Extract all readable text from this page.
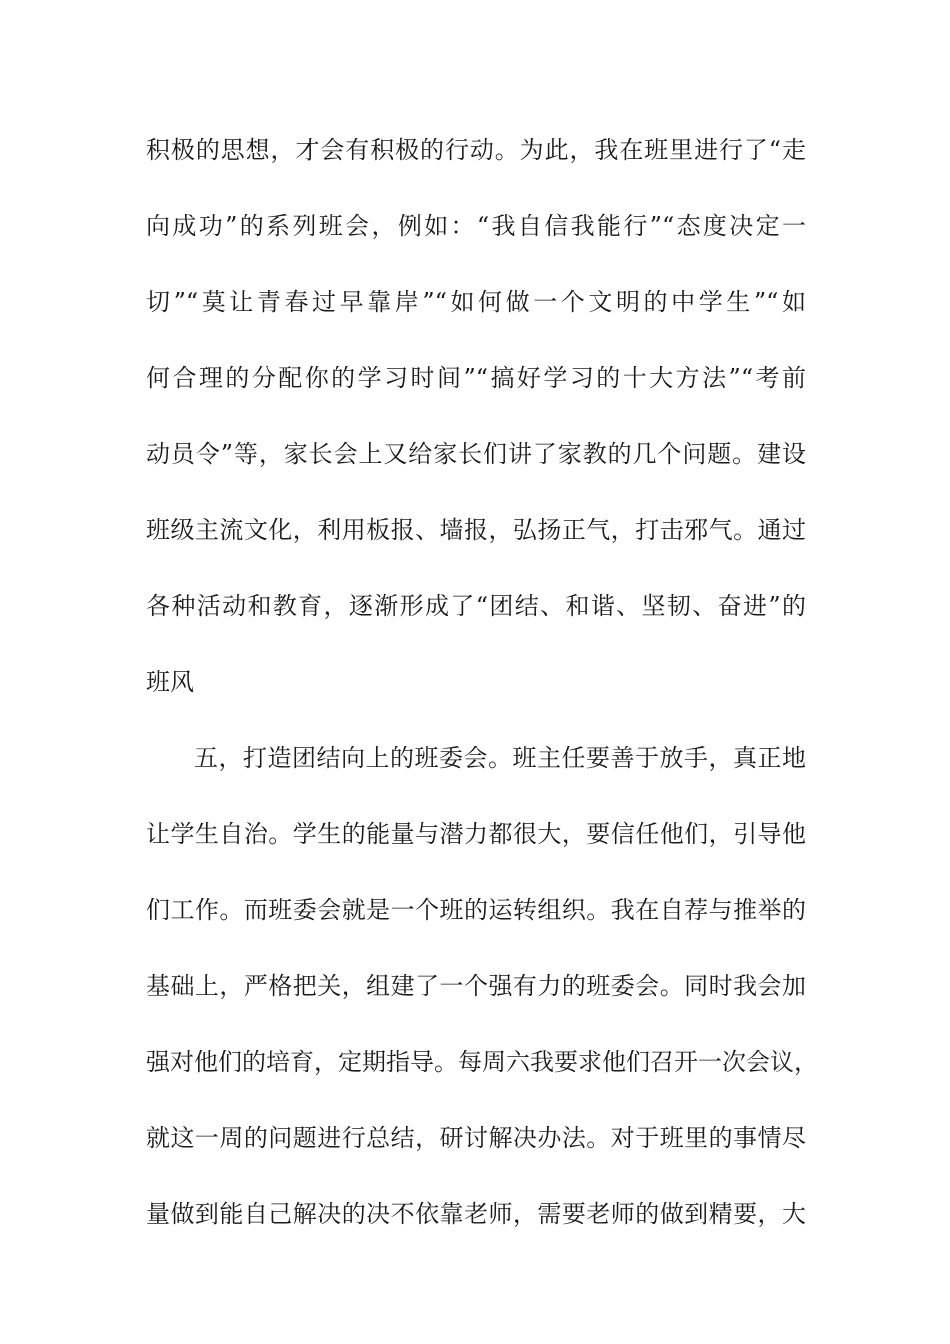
积极的思想，才会有积极的行动。为此，我在班里进行了“走
向成功”的系列班会，例如：“我自信我能行”“态度决定一
切”“莫让青春过早靠岸”“如何做一个文明的中学生”“如
何合理的分配你的学习时间”“搞好学习的十大方法”“考前
动员令”等，家长会上又给家长们讲了家教的几个问题。建设
班级主流文化，利用板报、墙报，弘扬正气，打击邪气。通过
各种活动和教育，逐渐形成了“团结、和谐、坚韧、奋进”的
班风
五，打造团结向上的班委会。班主任要善于放手，真正地
让学生自治。学生的能量与潜力都很大，要信任他们，引导他
们工作。而班委会就是一个班的运转组织。我在自荐与推举的
基础上，严格把关，组建了一个强有力的班委会。同时我会加
强对他们的培育，定期指导。每周六我要求他们召开一次会议，
就这一周的问题进行总结，研讨解决办法。对于班里的事情尽
量做到能自己解决的决不依靠老师，需要老师的做到精要，大
